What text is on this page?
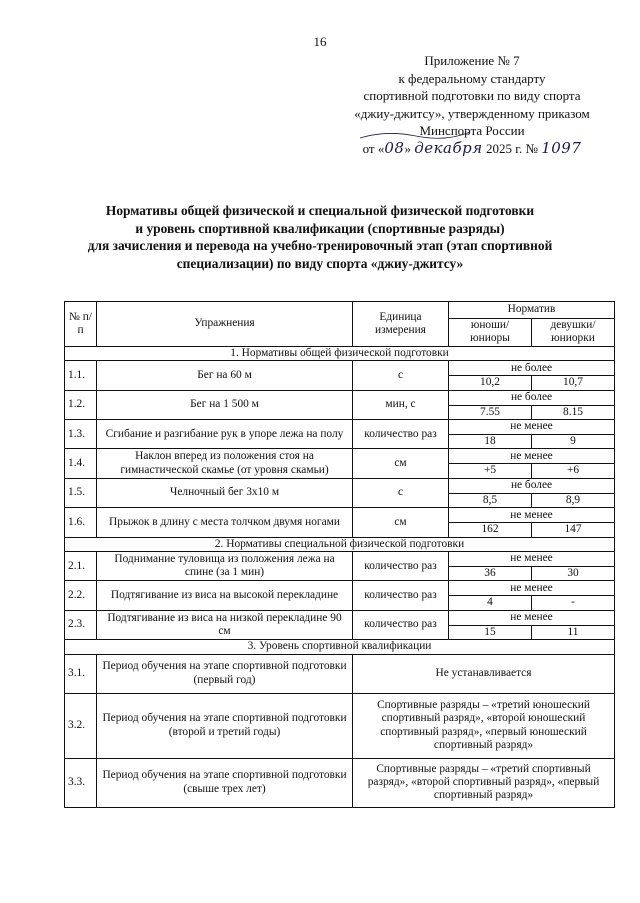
16
Приложение № 7
к федеральному стандарту
спортивной подготовки по виду спорта
«джиу-джитсу», утвержденному приказом
Минспорта России
от «08» декабря 2025 г. № 1097
Нормативы общей физической и специальной физической подготовки
и уровень спортивной квалификации (спортивные разряды)
для зачисления и перевода на учебно-тренировочный этап (этап спортивной
специализации) по виду спорта «джиу-джитсу»
№ п/п	Упражнения	Единица измерения	Норматив	
			юноши/ юниоры	девушки/ юниорки
1. Нормативы общей физической подготовки				
1.1.	Бег на 60 м	с	не более	
			10,2	10,7
1.2.	Бег на 1 500 м	мин, с	не более	
			7.55	8.15
1.3.	Сгибание и разгибание рук в упоре лежа на полу	количество раз	не менее	
			18	9
1.4.	Наклон вперед из положения стоя на гимнастической скамье (от уровня скамьи)	см	не менее	
			+5	+6
1.5.	Челночный бег 3х10 м	с	не более	
			8,5	8,9
1.6.	Прыжок в длину с места толчком двумя ногами	см	не менее	
			162	147
2. Нормативы специальной физической подготовки				
2.1.	Поднимание туловища из положения лежа на спине (за 1 мин)	количество раз	не менее	
			36	30
2.2.	Подтягивание из виса на высокой перекладине	количество раз	не менее	
			4	-
2.3.	Подтягивание из виса на низкой перекладине 90 см	количество раз	не менее	
			15	11
3. Уровень спортивной квалификации				
3.1.	Период обучения на этапе спортивной подготовки (первый год)	Не устанавливается		
3.2.	Период обучения на этапе спортивной подготовки (второй и третий годы)	Спортивные разряды – «третий юношеский спортивный разряд», «второй юношеский спортивный разряд», «первый юношеский спортивный разряд»		
3.3.	Период обучения на этапе спортивной подготовки (свыше трех лет)	Спортивные разряды – «третий спортивный разряд», «второй спортивный разряд», «первый спортивный разряд»		
